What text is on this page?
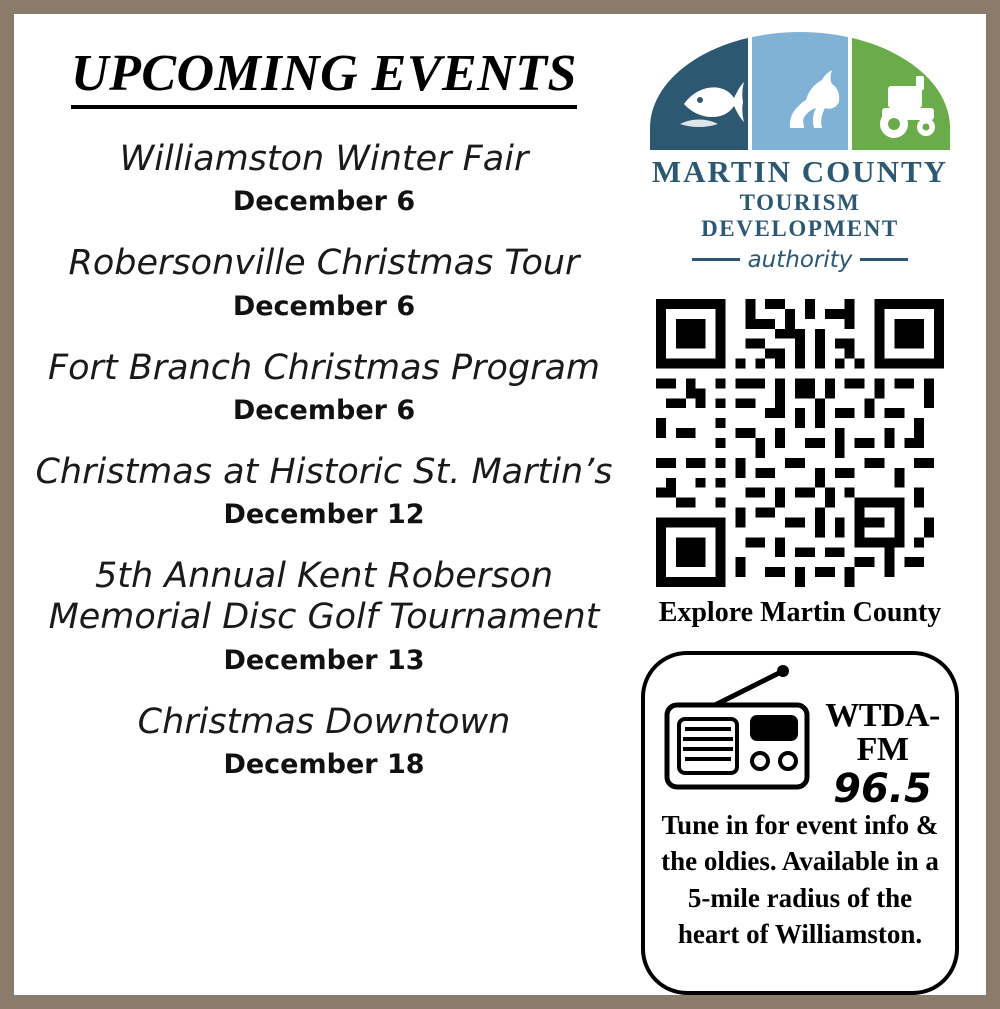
UPCOMING EVENTS
Williamston Winter Fair
December 6
Robersonville Christmas Tour
December 6
Fort Branch Christmas Program
December 6
Christmas at Historic St. Martin’s
December 12
5th Annual Kent Roberson Memorial Disc Golf Tournament
December 13
Christmas Downtown
December 18
MARTIN COUNTY
TOURISM DEVELOPMENT
authority
Explore Martin County
WTDA-FM
96.5
Tune in for event info & the oldies. Available in a 5-mile radius of the heart of Williamston.
